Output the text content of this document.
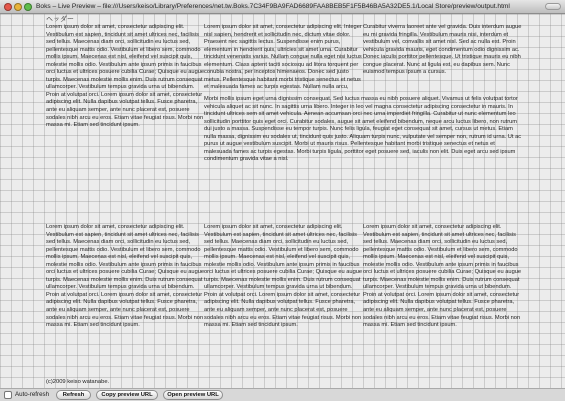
Boks – Live Preview – file:///Users/keiso/Library/Preferences/net.tw.Boks.7C34F9BA9FAD6689FAA8BEB5F1F5B46BA5A32DE5.1/Local Store/preview/output.html
ヘッダー

Lorem ipsum dolor sit amet, consectetur adipiscing elit. Vestibulum est sapien, tincidunt sit amet ultrices nec, facilisis sed tellus. Maecenas diam orci, sollicitudin eu luctus sed, pellentesque mattis odio. Vestibulum et libero sem, commodo mollis ipsum. Maecenas est nisl, eleifend vel suscipit quis, molestie mollis odio. Vestibulum ante ipsum primis in faucibus orci luctus et ultrices posuere cubilia Curae; Quisque eu augue turpis. Maecenas molestie mollis enim. Duis rutrum consequat ullamcorper. Vestibulum tempus gravida urna ut bibendum. Proin at volutpat orci. Lorem ipsum dolor sit amet, consectetur adipiscing elit. Nulla dapibus volutpat tellus. Fusce pharetra, ante eu aliquam semper, ante nunc placerat est, posuere sodales nibh arcu eu eros. Etiam vitae feugiat risus. Morbi non massa mi. Etiam sed tincidunt ipsum.

Lorem ipsum dolor sit amet, consectetur adipiscing elit. Integer nisl sapien, hendrerit et sollicitudin nec, dictum vitae dolor. Praesent nec sagittis lectus. Suspendisse enim purus, elementum in hendrerit quis, ultricies sit amet urna. Curabitur tincidunt venenatis varius. Nullam congue nulla eget nisi luctus elementum. Class aptent taciti sociosqu ad litora torquent per conubia nostra, per inceptos himenaeos. Donec sed justo metus. Pellentesque habitant morbi tristique senectus et netus et malesuada fames ac turpis egestas. Nullam nulla arcu,

Curabitur viverra laoreet ante vel gravida. Duis interdum augue eu mi gravida fringilla. Vestibulum mauris nisi, interdum et vestibulum vel, convallis sit amet nisl. Sed ac nulla est. Proin vehicula gravida mauris, eget condimentum odio dignissim ac. Donec iaculis porttitor pellentesque. Ut tristique mauris eu nibh congue placerat. Nunc at ligula est, eu dapibus sem. Nunc euismod tempus ipsum a cursus.

Morbi mollis ipsum eget urna dignissim consequat. Sed luctus massa eu nibh posuere aliquet. Vivamus ut felis volutpat tortor vehicula aliquet ac sit nunc. In sagittis urna libero. Integer in leo vel magna consectetur adipiscing consectetur in mauris. In tincidunt ultrices sem sit amet vehicula. Aenean accumsan orci nec urna imperdiet fringilla. Curabitur ut nunc elementum leo sollicitudin porttitor quis eget orci. Curabitur sodales, augue sit amet eleifend bibendum, neque arcu luctus libero, non rutrum dui justo a massa. Suspendisse eu tempor turpis. Nunc felis ligula, feugiat eget consequat sit amet, cursus ut metus. Etiam nulla massa, dignissim eu sodales ut, tincidunt quis justo. Aliquam turpis nunc, vulputate vel semper non, rutrum id urna. Ut ac purus ut augue vestibulum suscipit. Morbi ut mauris risus. Pellentesque habitant morbi tristique senectus et netus et malesuada fames ac turpis egestas. Morbi turpis ligula, porttitor eget posuere sed, iaculis non elit. Duis eget arcu sed ipsum condimentum gravida vitae a nisl.

Lorem ipsum dolor sit amet, consectetur adipiscing elit. Vestibulum est sapien, tincidunt sit amet ultrices nec, facilisis sed tellus. Maecenas diam orci, sollicitudin eu luctus sed, pellentesque mattis odio. Vestibulum et libero sem, commodo mollis ipsum. Maecenas est nisl, eleifend vel suscipit quis, molestie mollis odio. Vestibulum ante ipsum primis in faucibus orci luctus et ultrices posuere cubilia Curae; Quisque eu augue turpis. Maecenas molestie mollis enim. Duis rutrum consequat ullamcorper. Vestibulum tempus gravida urna ut bibendum. Proin at volutpat orci. Lorem ipsum dolor sit amet, consectetur adipiscing elit. Nulla dapibus volutpat tellus. Fusce pharetra, ante eu aliquam semper, ante nunc placerat est, posuere sodales nibh arcu eu eros. Etiam vitae feugiat risus. Morbi non massa mi. Etiam sed tincidunt ipsum.

Lorem ipsum dolor sit amet, consectetur adipiscing elit. Vestibulum est sapien, tincidunt sit amet ultrices nec, facilisis sed tellus. Maecenas diam orci, sollicitudin eu luctus sed, pellentesque mattis odio. Vestibulum et libero sem, commodo mollis ipsum. Maecenas est nisl, eleifend vel suscipit quis, molestie mollis odio. Vestibulum ante ipsum primis in faucibus orci luctus et ultrices posuere cubilia Curae; Quisque eu augue turpis. Maecenas molestie mollis enim. Duis rutrum consequat ullamcorper. Vestibulum tempus gravida urna ut bibendum. Proin at volutpat orci. Lorem ipsum dolor sit amet, consectetur adipiscing elit. Nulla dapibus volutpat tellus. Fusce pharetra, ante eu aliquam semper, ante nunc placerat est, posuere sodales nibh arcu eu eros. Etiam vitae feugiat risus. Morbi non massa mi. Etiam sed tincidunt ipsum.

Lorem ipsum dolor sit amet, consectetur adipiscing elit. Vestibulum est sapien, tincidunt sit amet ultrices nec, facilisis sed tellus. Maecenas diam orci, sollicitudin eu luctus sed, pellentesque mattis odio. Vestibulum et libero sem, commodo mollis ipsum. Maecenas est nisl, eleifend vel suscipit quis, molestie mollis odio. Vestibulum ante ipsum primis in faucibus orci luctus et ultrices posuere cubilia Curae; Quisque eu augue turpis. Maecenas molestie mollis enim. Duis rutrum consequat ullamcorper. Vestibulum tempus gravida urna ut bibendum. Proin at volutpat orci. Lorem ipsum dolor sit amet, consectetur adipiscing elit. Nulla dapibus volutpat tellus. Fusce pharetra, ante eu aliquam semper, ante nunc placerat est, posuere sodales nibh arcu eu eros. Etiam vitae feugiat risus. Morbi non massa mi. Etiam sed tincidunt ipsum.

(c)2009 keiso watanabe.
Auto-refresh	Refresh	Copy preview URL	Open preview URL
